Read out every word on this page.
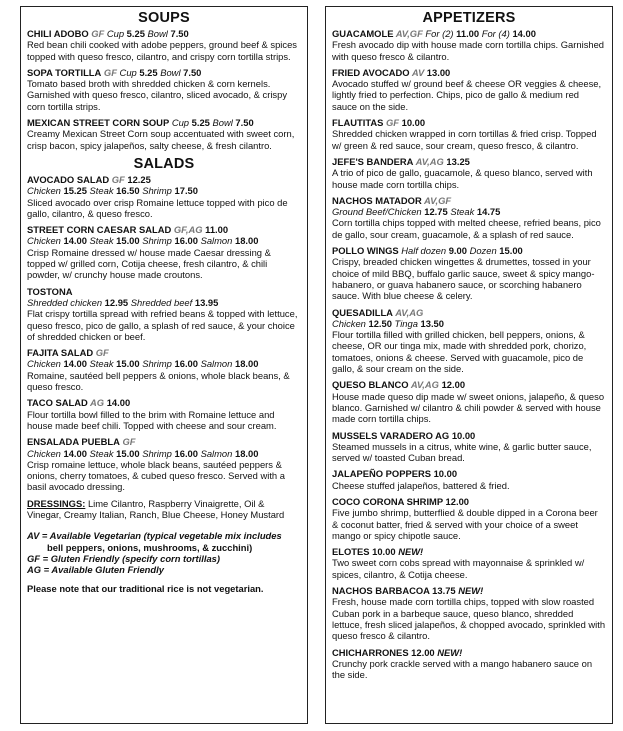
SOUPS
CHILI ADOBO GF Cup 5.25 Bowl 7.50
Red bean chili cooked with adobe peppers, ground beef & spices topped with queso fresco, cilantro, and crispy corn tortilla strips.
SOPA TORTILLA GF Cup 5.25 Bowl 7.50
Tomato based broth with shredded chicken & corn kernels. Garnished with queso fresco, cilantro, sliced avocado, & crispy corn tortilla strips.
MEXICAN STREET CORN SOUP Cup 5.25 Bowl 7.50
Creamy Mexican Street Corn soup accentuated with sweet corn, crisp bacon, spicy jalapeños, salty cheese, & fresh cilantro.
SALADS
AVOCADO SALAD GF 12.25
Chicken 15.25 Steak 16.50 Shrimp 17.50
Sliced avocado over crisp Romaine lettuce topped with pico de gallo, cilantro, & queso fresco.
STREET CORN CAESAR SALAD GF,AG 11.00
Chicken 14.00 Steak 15.00 Shrimp 16.00 Salmon 18.00
Crisp Romaine dressed w/ house made Caesar dressing & topped w/ grilled corn, Cotija cheese, fresh cilantro, & chili powder, w/ crunchy house made croutons.
TOSTONA
Shredded chicken 12.95 Shredded beef 13.95
Flat crispy tortilla spread with refried beans & topped with lettuce, queso fresco, pico de gallo, a splash of red sauce, & your choice of shredded chicken or beef.
FAJITA SALAD GF
Chicken 14.00 Steak 15.00 Shrimp 16.00 Salmon 18.00
Romaine, sautéed bell peppers & onions, whole black beans, & queso fresco.
TACO SALAD AG 14.00
Flour tortilla bowl filled to the brim with Romaine lettuce and house made beef chili. Topped with cheese and sour cream.
ENSALADA PUEBLA GF
Chicken 14.00 Steak 15.00 Shrimp 16.00 Salmon 18.00
Crisp romaine lettuce, whole black beans, sautéed peppers & onions, cherry tomatoes, & cubed queso fresco. Served with a basil avocado dressing.
DRESSINGS: Lime Cilantro, Raspberry Vinaigrette, Oil & Vinegar, Creamy Italian, Ranch, Blue Cheese, Honey Mustard
AV = Available Vegetarian (typical vegetable mix includes
bell peppers, onions, mushrooms, & zucchini)
GF = Gluten Friendly (specify corn tortillas)
AG = Available Gluten Friendly
Please note that our traditional rice is not vegetarian.
APPETIZERS
GUACAMOLE AV,GF For (2) 11.00 For (4) 14.00
Fresh avocado dip with house made corn tortilla chips. Garnished with queso fresco & cilantro.
FRIED AVOCADO AV 13.00
Avocado stuffed w/ ground beef & cheese OR veggies & cheese, lightly fried to perfection. Chips, pico de gallo & medium red sauce on the side.
FLAUTITAS GF 10.00
Shredded chicken wrapped in corn tortillas & fried crisp. Topped w/ green & red sauce, sour cream, queso fresco, & cilantro.
JEFE'S BANDERA AV,AG 13.25
A trio of pico de gallo, guacamole, & queso blanco, served with house made corn tortilla chips.
NACHOS MATADOR AV,GF
Ground Beef/Chicken 12.75 Steak 14.75
Corn tortilla chips topped with melted cheese, refried beans, pico de gallo, sour cream, guacamole, & a splash of red sauce.
POLLO WINGS Half dozen 9.00 Dozen 15.00
Crispy, breaded chicken wingettes & drumettes, tossed in your choice of mild BBQ, buffalo garlic sauce, sweet & spicy mango-habanero, or guava habanero sauce, or scorching habanero sauce. With blue cheese & celery.
QUESADILLA AV,AG
Chicken 12.50 Tinga 13.50
Flour tortilla filled with grilled chicken, bell peppers, onions, & cheese, OR our tinga mix, made with shredded pork, chorizo, tomatoes, onions & cheese. Served with guacamole, pico de gallo, & sour cream on the side.
QUESO BLANCO AV,AG 12.00
House made queso dip made w/ sweet onions, jalapeño, & queso blanco. Garnished w/ cilantro & chili powder & served with house made corn tortilla chips.
MUSSELS VARADERO AG 10.00
Steamed mussels in a citrus, white wine, & garlic butter sauce, served w/ toasted Cuban bread.
JALAPEÑO POPPERS 10.00
Cheese stuffed jalapeños, battered & fried.
COCO CORONA SHRIMP 12.00
Five jumbo shrimp, butterflied & double dipped in a Corona beer & coconut batter, fried & served with your choice of a sweet mango or spicy chipotle sauce.
ELOTES 10.00 NEW!
Two sweet corn cobs spread with mayonnaise & sprinkled w/ spices, cilantro, & Cotija cheese.
NACHOS BARBACOA 13.75 NEW!
Fresh, house made corn tortilla chips, topped with slow roasted Cuban pork in a barbeque sauce, queso blanco, shredded lettuce, fresh sliced jalapeños, & chopped avocado, sprinkled with queso fresco & cilantro.
CHICHARRONES 12.00 NEW!
Crunchy pork crackle served with a mango habanero sauce on the side.
